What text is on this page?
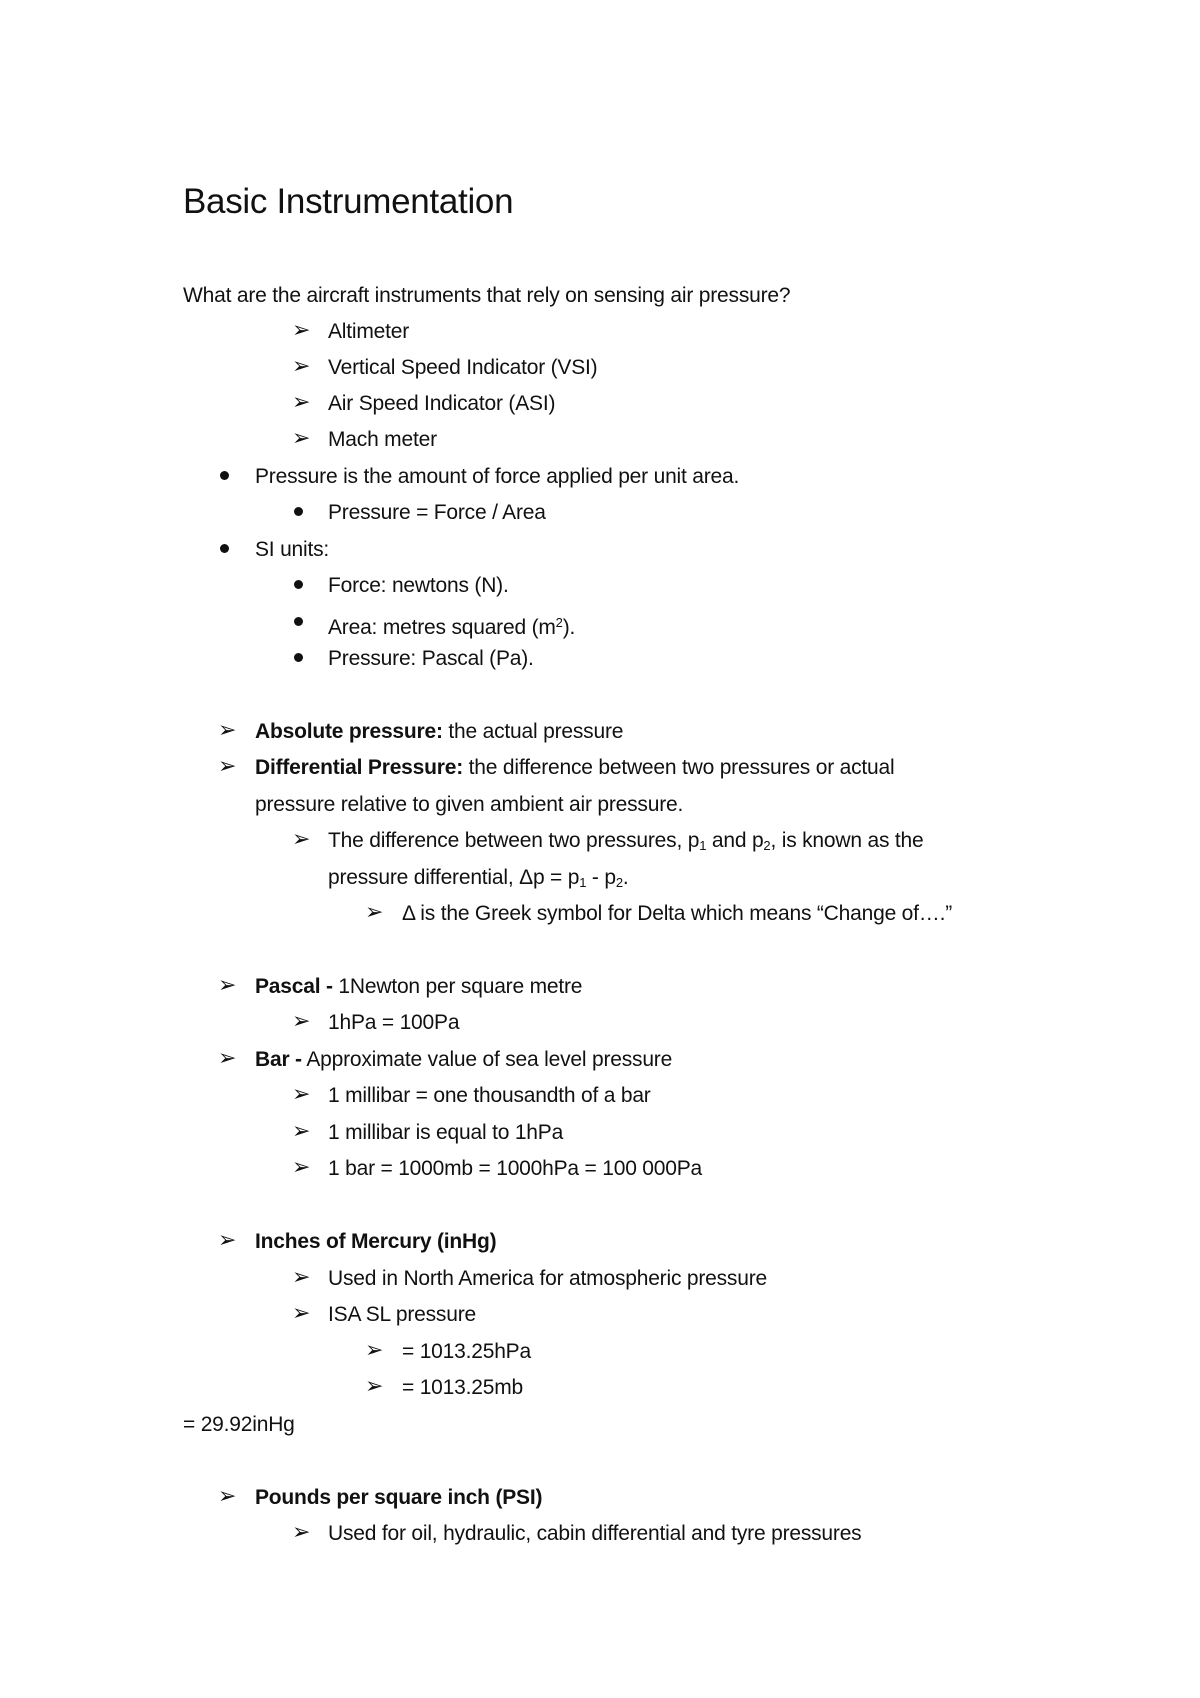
Basic Instrumentation
What are the aircraft instruments that rely on sensing air pressure?
➢ Altimeter
➢ Vertical Speed Indicator (VSI)
➢ Air Speed Indicator (ASI)
➢ Mach meter
Pressure is the amount of force applied per unit area.
Pressure = Force / Area
SI units:
Force: newtons (N).
Area: metres squared $(m^2)$.
Pressure: Pascal (Pa).
➢ Absolute pressure: the actual pressure
➢ Differential Pressure: the difference between two pressures or actual
pressure relative to given ambient air pressure.
➢ The difference between two pressures, $p_1$ and $p_2$, is known as the
pressure differential, $\Delta p = p_1 - p_2$.
➢ Δ is the Greek symbol for Delta which means “Change of….”
➢ Pascal - 1Newton per square metre
➢ 1hPa = 100Pa
➢ Bar - Approximate value of sea level pressure
➢ 1 millibar = one thousandth of a bar
➢ 1 millibar is equal to 1hPa
➢ 1 bar = 1000mb = 1000hPa = 100 000Pa
➢ Inches of Mercury (inHg)
➢ Used in North America for atmospheric pressure
➢ ISA SL pressure
➢ = 1013.25hPa
➢ = 1013.25mb
= 29.92inHg
➢ Pounds per square inch (PSI)
➢ Used for oil, hydraulic, cabin differential and tyre pressures
